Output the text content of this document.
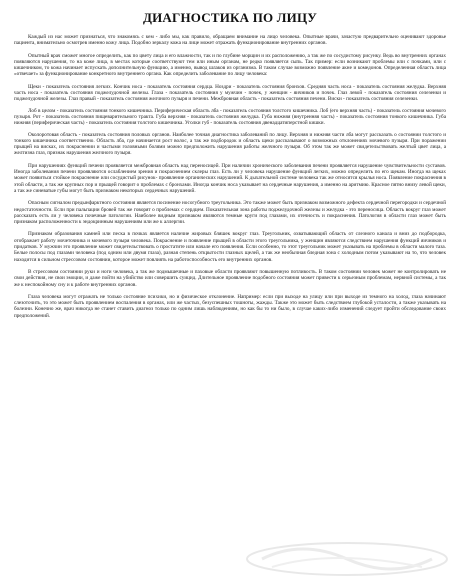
ДИАГНОСТИКА ПО ЛИЦУ

Каждый из нас может признаться, что знакомясь с кем - либо мы, как правило, обращаем внимание на лицо человека. Опытные врачи, зачастую предварительно оценивают здоровье пациента, внимательно осмотрев именно кожу лица. Подобно зеркалу кожа на лице может отражать функционирование внутренних органов.

Опытный врач сможет многое определить, как по цвету лица и его влажности, так и по глубине морщин и их расположению, а так же по сосудистому рисунку. Ведь во внутренних органах появляются нарушения, то на коже лица, в местах которые соответствуют тем или иным органам, не редко появляется сыпь. Так пример: если возникают проблемы или с почками, или с кишечником, то кожа начинает испускать дополнительную функцию, а именно, вывод шлаков из организма. В таком случае возможно появление акне и комедонов. Определенная область лица «отвечает» за функционирование конкретного внутреннего органа. Как определить заболевание по лицу человека:

Щеки - показатель состояния легких. Кончик носа - показатель состояния сердца. Ноздри - показатель состояния бронхов. Средняя часть носа - показатель состояния желудка. Верхняя часть носа - показатель состояния поджелудочной железы. Глаза - показатель состояния у мужчин - почек, у женщин - яичников и почек. Глаз левой - показатель состояния селезенки и поджелудочной железы. Глаз правый - показатель состояния желчного пузыря и печени. Межбровная область - показатель состояния печени. Виски - показатель состояния селезенки.

Лоб в целом - показатель состояния тонкого кишечника. Периферическая область лба - показатель состояния толстого кишечника. Лоб (его верхняя часть) - показатель состояния мочевого пузыря. Рот - показатель состояния пищеварительного тракта. Губа верхняя - показатель состояния желудка. Губа нижняя (внутренняя часть) - показатель состояния тонкого кишечника. Губа нижняя (периферическая часть) - показатель состояния толстого кишечника. Уголки губ - показатель состояния двенадцатиперстной кишки.

Околоротовая область - показатель состояния половых органов. Наиболее точная диагностика заболеваний по лицу. Верхняя и нижняя части лба могут рассказать о состоянии толстого и тонкого кишечника соответственно. Область лба, где начинается рост волос, а так же подбородок и область щеки рассказывают о возможных отклонениях мочевого пузыря. При поражении прыщей на висках, их покраснении и частыми головными болями можно предположить нарушения работы желчного пузыря. Об этом так же может свидетельствовать желтый цвет лица, а желтизна глаз, признак нарушения желчного пузыря.

При нарушениях функций печени проявляется межбровная область над переносицей. При наличии хронического заболевания печени проявляется нарушение чувствительности суставов. Иногда заболевания печени проявляются ослаблением зрения и покраснением склеры глаз. Есть ли у человека нарушение функций легких, можно определить по его щекам. Иногда на щеках может появиться стойкое покраснение или сосудистый рисунок- проявление органических нарушений. К дыхательной системе человека так же относятся крылья носа. Появление покраснения в этой области, а так же крупных пор и прыщей говорит о проблемах с бронхами. Иногда кончик носа указывает на сердечные нарушения, а именно на аритмию. Красное пятно внизу левой щеки, а так же синеватые губы могут быть признаком некоторых сердечных нарушений.

Опасным сигналом предынфарктного состояния является посинение носогубного треугольника. Это также может быть признаком возможного дефекта сердечной перегородки и сердечной недостаточности. Если при пальпации бровей так же говорят о проблемах с сердцем. Показательная зона работы поджелудочной железы и желудка - это переносица. Область вокруг глаз может рассказать есть ли у человека почечные патологии. Наиболее видным признаком являются темные круги под глазами, их отечность и покраснения. Патология в области глаз может быть признаком расположенности к эндокринным нарушениям или же к аллергии.

Признаком образования камней или песка в почках является наличие жировых бляшек вокруг глаз. Треугольник, охватывающий область от слезного канала и вниз до подбородка, отображает работу мочеточника и мочевого пузыря человека. Покраснение и появление прыщей в области этого треугольника, у женщин являются следствием нарушения функций яичников и придатков. У мужчин это проявление может свидетельствовать о простатите или начале его появления. Если особенно, то этот треугольник может указывать на проблемы в области малого таза. Белые полосы под глазами человека (под одним или двумя глаза), разная степень открытости глазных щелей, а так же необычная бледная зона с холодным потом указывают на то, что человек находится в сильном стрессовом состоянии, которое может повлиять на работоспособность его внутренних органов.

В стрессовом состоянии руки и ноги человека, а так же подмышечные и паховые области проявляют повышенную потливость. В таком состоянии человек может не контролировать не свои действия, не свои эмоции, и даже пойти на убийство или совершить суицид. Длительное проявление подобного состояния может привести к серьезным проблемам, нервной системы, а так же к неспокойному сну и к работе внутренних органов.

Глаза человека могут отражать не только состояние психики, но и физическое отклонение. Например: если при выходе на улицу или при выходе из темного на холод, глаза начинают слезоточить, то это может быть проявлением воспаления в органах, или же частых, безуспешных тошноты, жажды. Также это может быть следствием глубокой усталости, а также указывать на болезни. Конечно же, врач никогда не станет ставить диагноз только по одним лишь наблюдениям, но как бы то ни было, в случае каких-либо изменений следует пройти обследование своих предположений.
